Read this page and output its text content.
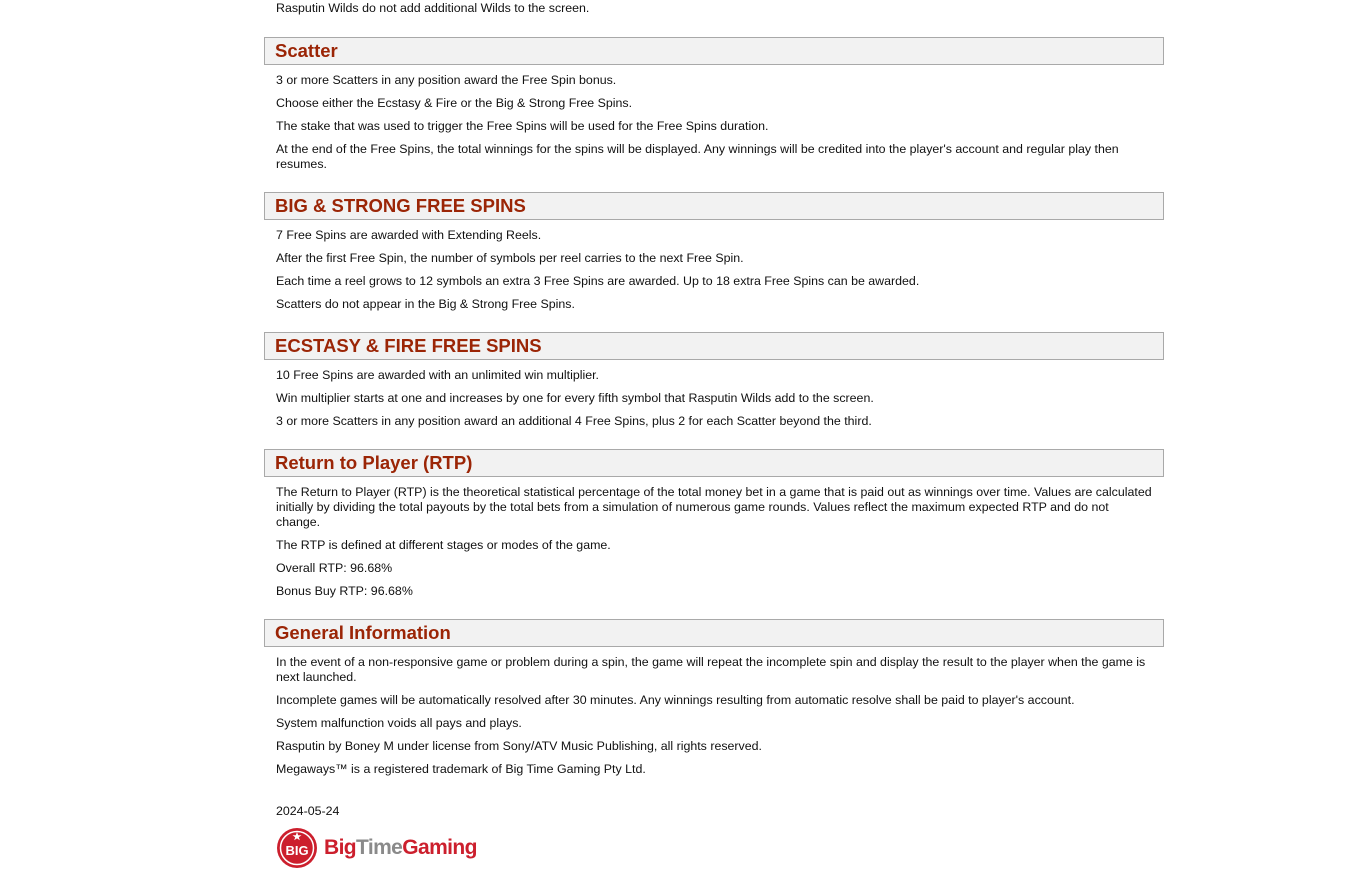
Rasputin Wilds do not add additional Wilds to the screen.

Scatter

3 or more Scatters in any position award the Free Spin bonus.

Choose either the Ecstasy & Fire or the Big & Strong Free Spins.

The stake that was used to trigger the Free Spins will be used for the Free Spins duration.

At the end of the Free Spins, the total winnings for the spins will be displayed. Any winnings will be credited into the player's account and regular play then resumes.

BIG & STRONG FREE SPINS

7 Free Spins are awarded with Extending Reels.

After the first Free Spin, the number of symbols per reel carries to the next Free Spin.

Each time a reel grows to 12 symbols an extra 3 Free Spins are awarded. Up to 18 extra Free Spins can be awarded.

Scatters do not appear in the Big & Strong Free Spins.

ECSTASY & FIRE FREE SPINS

10 Free Spins are awarded with an unlimited win multiplier.

Win multiplier starts at one and increases by one for every fifth symbol that Rasputin Wilds add to the screen.

3 or more Scatters in any position award an additional 4 Free Spins, plus 2 for each Scatter beyond the third.

Return to Player (RTP)

The Return to Player (RTP) is the theoretical statistical percentage of the total money bet in a game that is paid out as winnings over time. Values are calculated initially by dividing the total payouts by the total bets from a simulation of numerous game rounds. Values reflect the maximum expected RTP and do not change.

The RTP is defined at different stages or modes of the game.

Overall RTP: 96.68%

Bonus Buy RTP: 96.68%

General Information

In the event of a non-responsive game or problem during a spin, the game will repeat the incomplete spin and display the result to the player when the game is next launched.

Incomplete games will be automatically resolved after 30 minutes. Any winnings resulting from automatic resolve shall be paid to player's account.

System malfunction voids all pays and plays.

Rasputin by Boney M under license from Sony/ATV Music Publishing, all rights reserved.

Megaways™ is a registered trademark of Big Time Gaming Pty Ltd.

2024-05-24

BIG BigTimeGaming
